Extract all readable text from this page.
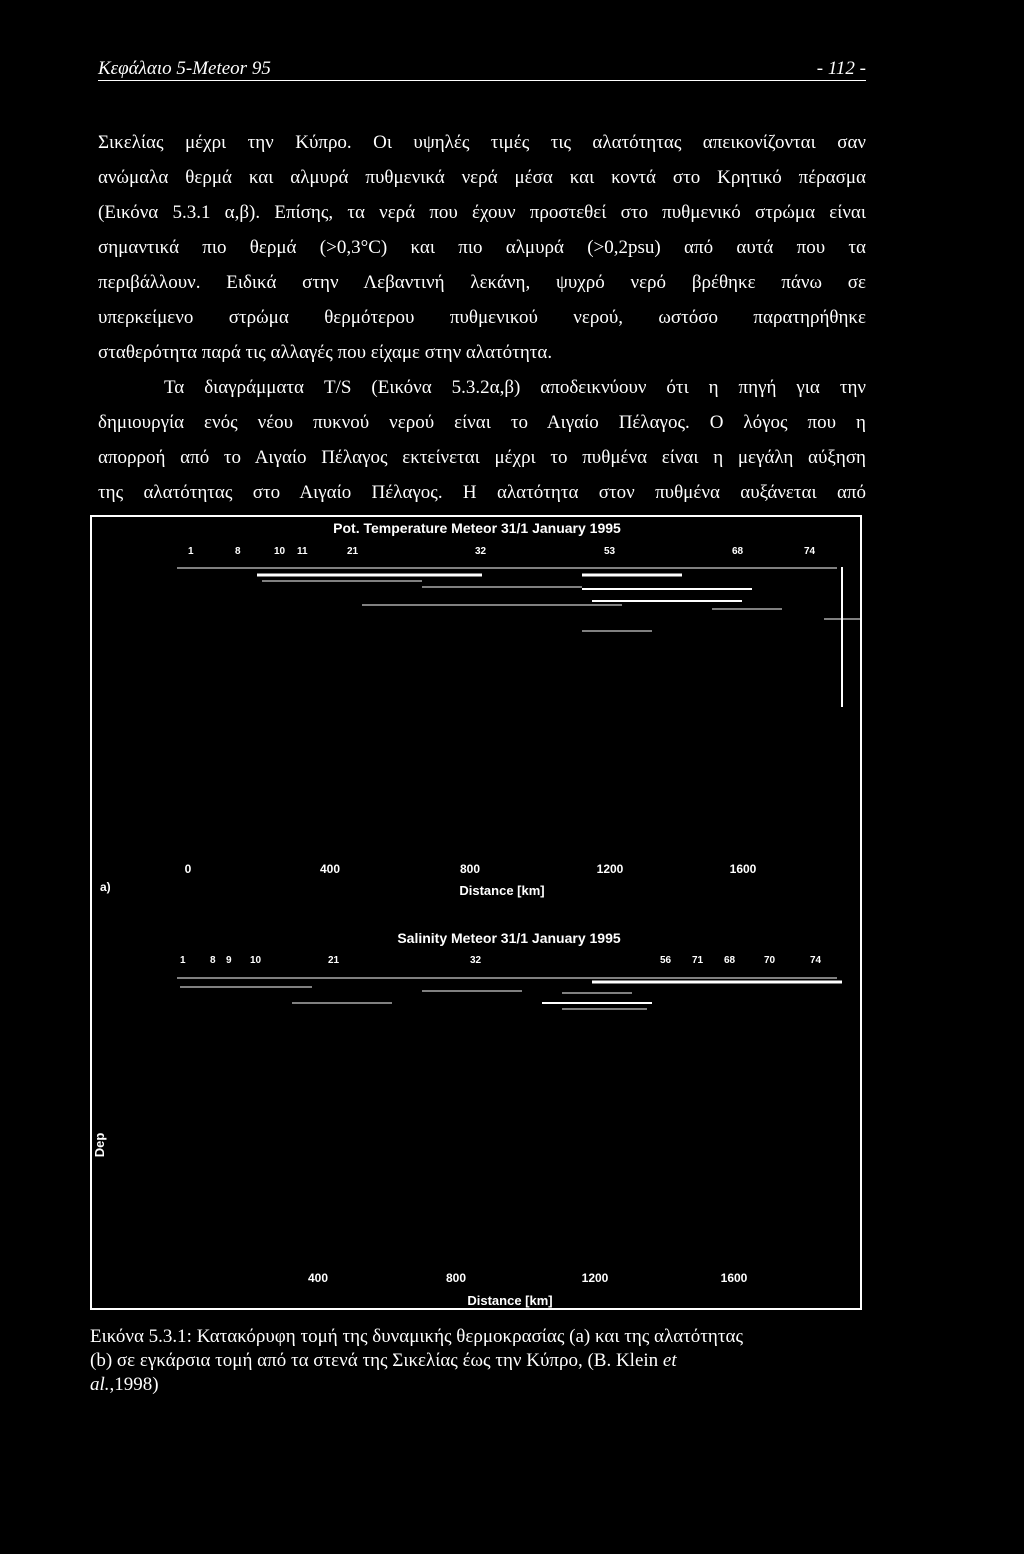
Κεφάλαιο 5-Meteor 95	- 112 -
Σικελίας μέχρι την Κύπρο. Οι υψηλές τιμές τις αλατότητας απεικονίζονται σαν
ανώμαλα θερμά και αλμυρά πυθμενικά νερά μέσα και κοντά στο Κρητικό πέρασμα
(Εικόνα 5.3.1 α,β). Επίσης, τα νερά που έχουν προστεθεί στο πυθμενικό στρώμα είναι
σημαντικά πιο θερμά (>0,3°C) και πιο αλμυρά (>0,2psu) από αυτά που τα
περιβάλλουν. Ειδικά στην Λεβαντινή λεκάνη, ψυχρό νερό βρέθηκε πάνω σε
υπερκείμενο στρώμα θερμότερου πυθμενικού νερού, ωστόσο παρατηρήθηκε
σταθερότητα παρά τις αλλαγές που είχαμε στην αλατότητα.
Τα διαγράμματα T/S (Εικόνα 5.3.2α,β) αποδεικνύουν ότι η πηγή για την
δημιουργία ενός νέου πυκνού νερού είναι το Αιγαίο Πέλαγος. Ο λόγος που η
απορροή από το Αιγαίο Πέλαγος εκτείνεται μέχρι το πυθμένα είναι η μεγάλη αύξηση
της αλατότητας στο Αιγαίο Πέλαγος. Η αλατότητα στον πυθμένα αυξάνεται από
Pot. Temperature Meteor 31/1 January 1995
1	8	10 11	21	32	53	68	74
0	400	800	1200	1600
a)	Distance [km]
Salinity Meteor 31/1 January 1995
1 8 9 10	21	32	56 71 68	70	74
Dep
400	800	1200	1600
Distance [km]
Εικόνα 5.3.1: Κατακόρυφη τομή της δυναμικής θερμοκρασίας (a) και της αλατότητας
(b) σε εγκάρσια τομή από τα στενά της Σικελίας έως την Κύπρο, (B. Klein et
al.,1998)
